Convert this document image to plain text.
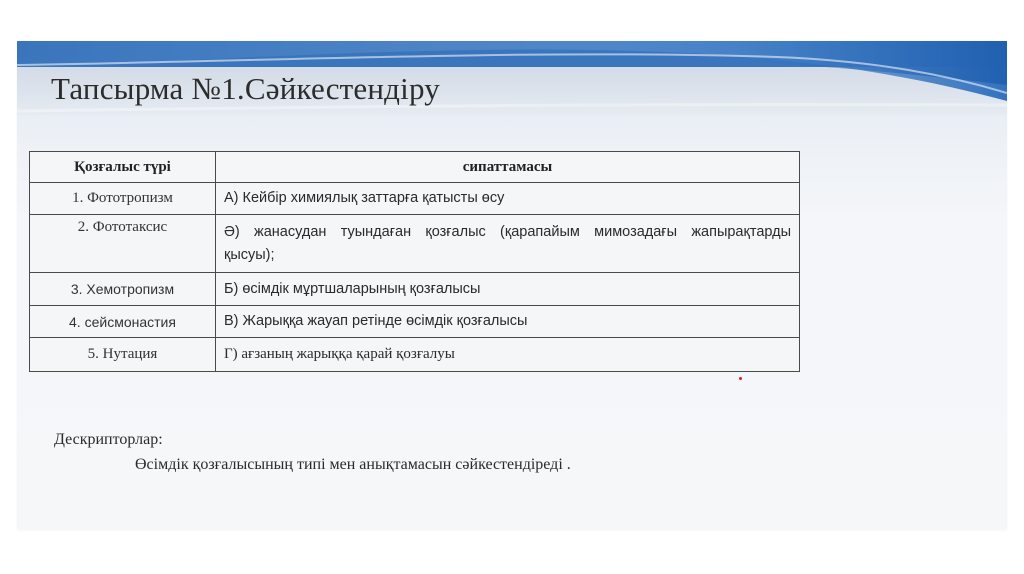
Тапсырма №1.Сәйкестендіру
Қозғалыс түрі	сипаттамасы
1. Фототропизм	А) Кейбір химиялық заттарға қатысты өсу
2. Фототаксис	Ә) жанасудан туындаған қозғалыс (қарапайым мимозадағы жапырақтарды қысуы);
3. Хемотропизм	Б) өсімдік мұртшаларының қозғалысы
4. сейсмонастия	В) Жарыққа жауап ретінде өсімдік қозғалысы
5. Нутация	Г) ағзаның жарыққа қарай қозғалуы
Дескрипторлар:
Өсімдік қозғалысының типі мен анықтамасын сәйкестендіреді .
